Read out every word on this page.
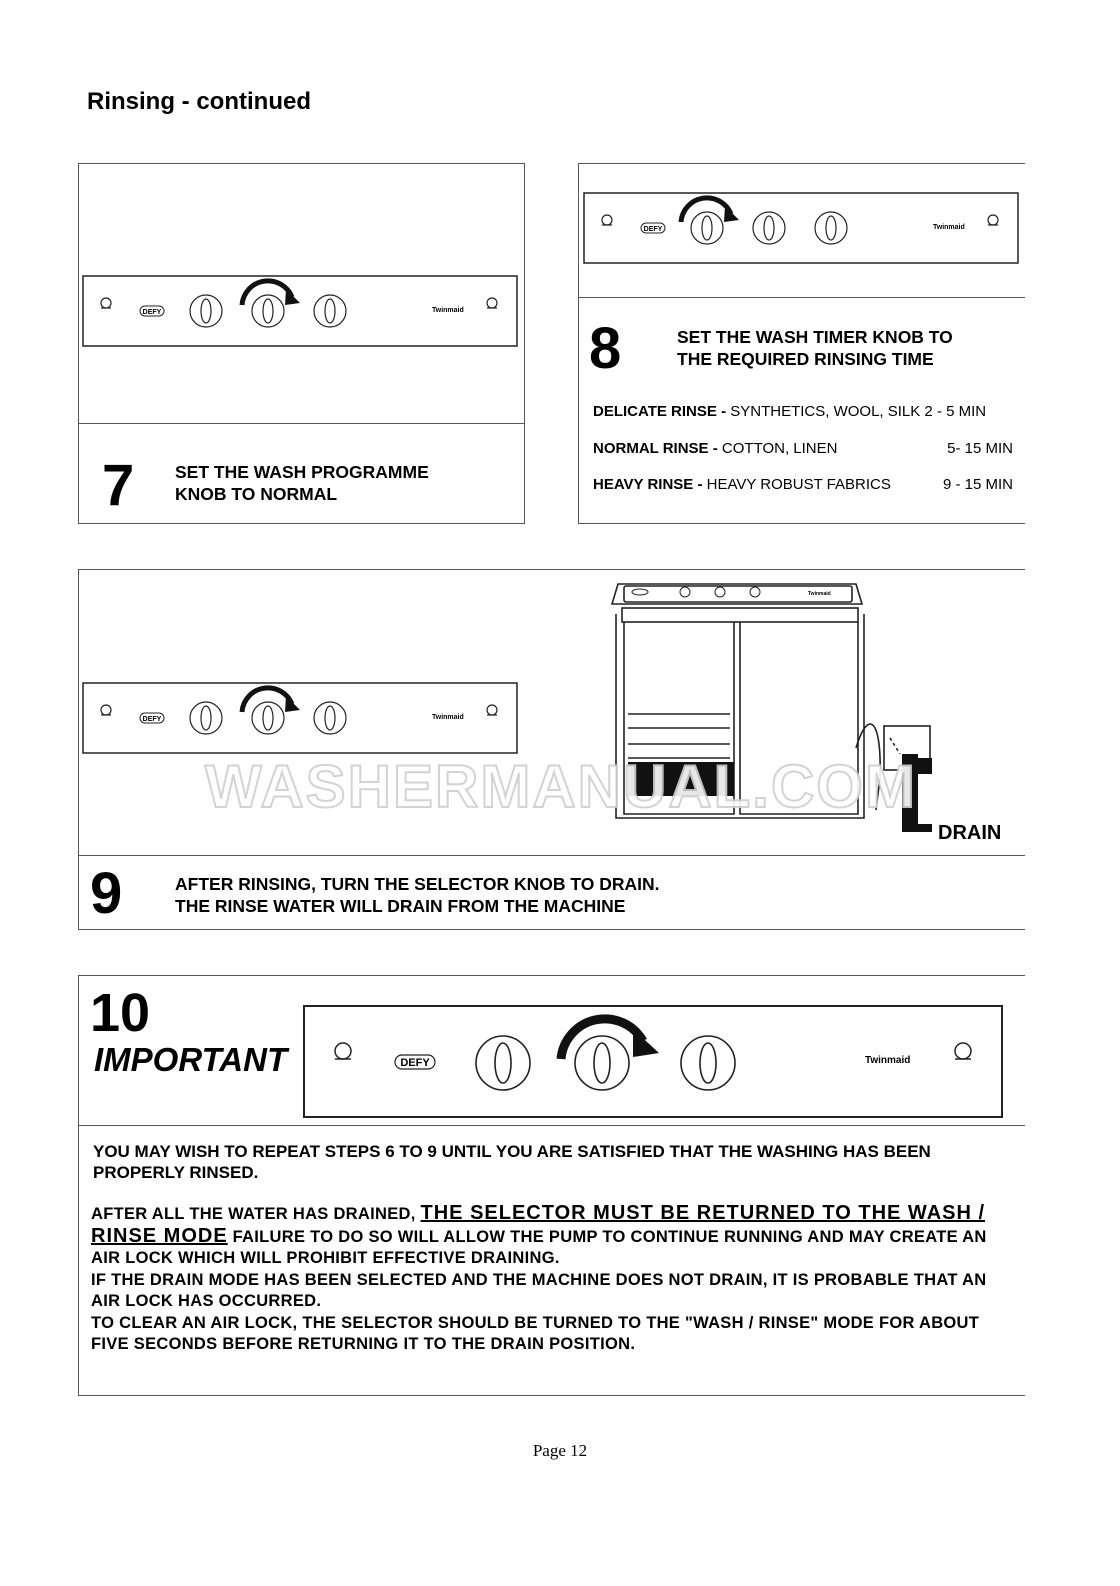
Rinsing - continued
DEFY	Twinmaid
7 SET THE WASH PROGRAMME
KNOB TO NORMAL
DEFY	Twinmaid
8	SET THE WASH TIMER KNOB TO
THE REQUIRED RINSING TIME
DELICATE RINSE - SYNTHETICS, WOOL, SILK 2 - 5 MIN
NORMAL RINSE - COTTON, LINEN	5- 15 MIN
HEAVY RINSE - HEAVY ROBUST FABRICS	9 - 15 MIN
DEFY	Twinmaid
Twinmaid
DRAIN
WASHERMANUAL.COM
9	AFTER RINSING, TURN THE SELECTOR KNOB TO DRAIN.
THE RINSE WATER WILL DRAIN FROM THE MACHINE
10
IMPORTANT	DEFY	Twinmaid
YOU MAY WISH TO REPEAT STEPS 6 TO 9 UNTIL YOU ARE SATISFIED THAT THE WASHING HAS BEEN PROPERLY RINSED.
AFTER ALL THE WATER HAS DRAINED, THE SELECTOR MUST BE RETURNED TO THE WASH / RINSE MODE FAILURE TO DO SO WILL ALLOW THE PUMP TO CONTINUE RUNNING AND MAY CREATE AN AIR LOCK WHICH WILL PROHIBIT EFFECTIVE DRAINING.
IF THE DRAIN MODE HAS BEEN SELECTED AND THE MACHINE DOES NOT DRAIN, IT IS PROBABLE THAT AN AIR LOCK HAS OCCURRED.
TO CLEAR AN AIR LOCK, THE SELECTOR SHOULD BE TURNED TO THE "WASH / RINSE" MODE FOR ABOUT FIVE SECONDS BEFORE RETURNING IT TO THE DRAIN POSITION.
Page 12
